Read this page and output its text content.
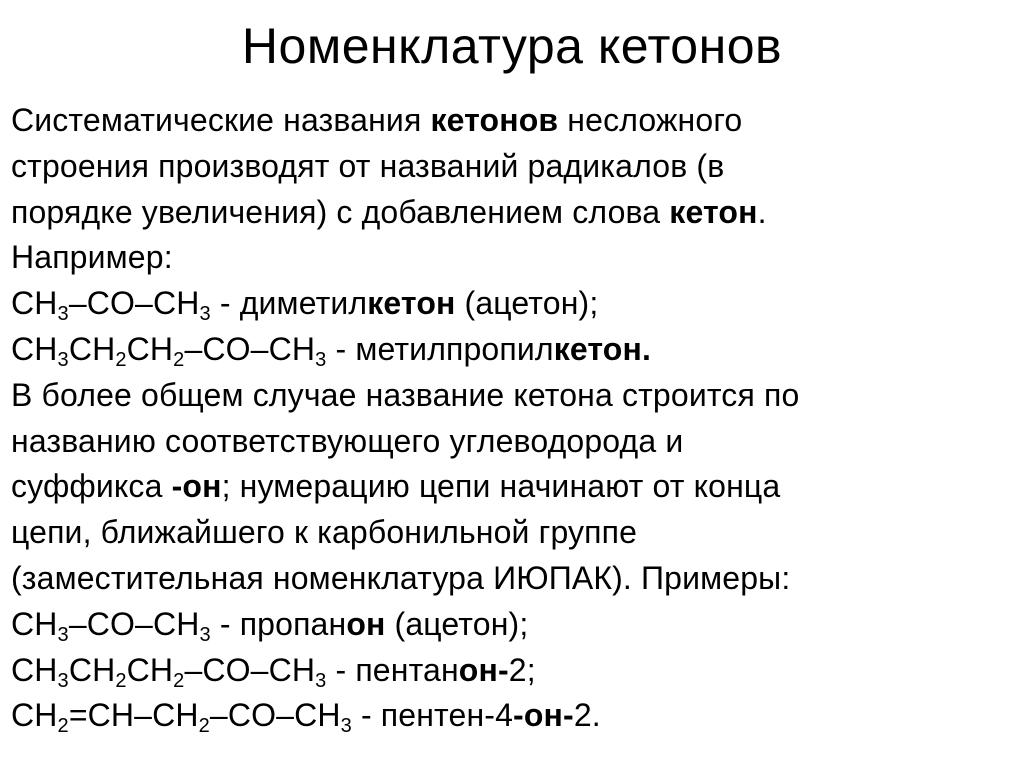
Номенклатура кетонов
Систематические названия кетонов несложного
строения производят от названий радикалов (в
порядке увеличения) с добавлением слова кетон.
Например:
$CH_3-CO-CH_3$ - диметилкетон (ацетон);
$CH_3CH_2CH_2-CO-CH_3$ - метилпропилкетон.
В более общем случае название кетона строится по
названию соответствующего углеводорода и
суффикса -он; нумерацию цепи начинают от конца
цепи, ближайшего к карбонильной группе
(заместительная номенклатура ИЮПАК). Примеры:
$CH_3-CO-CH_3$ - пропанон (ацетон);
$CH_3CH_2CH_2-CO-CH_3$ - пентанон-2;
$CH_2=CH-CH_2-CO-CH_3$ - пентен-4-он-2.
